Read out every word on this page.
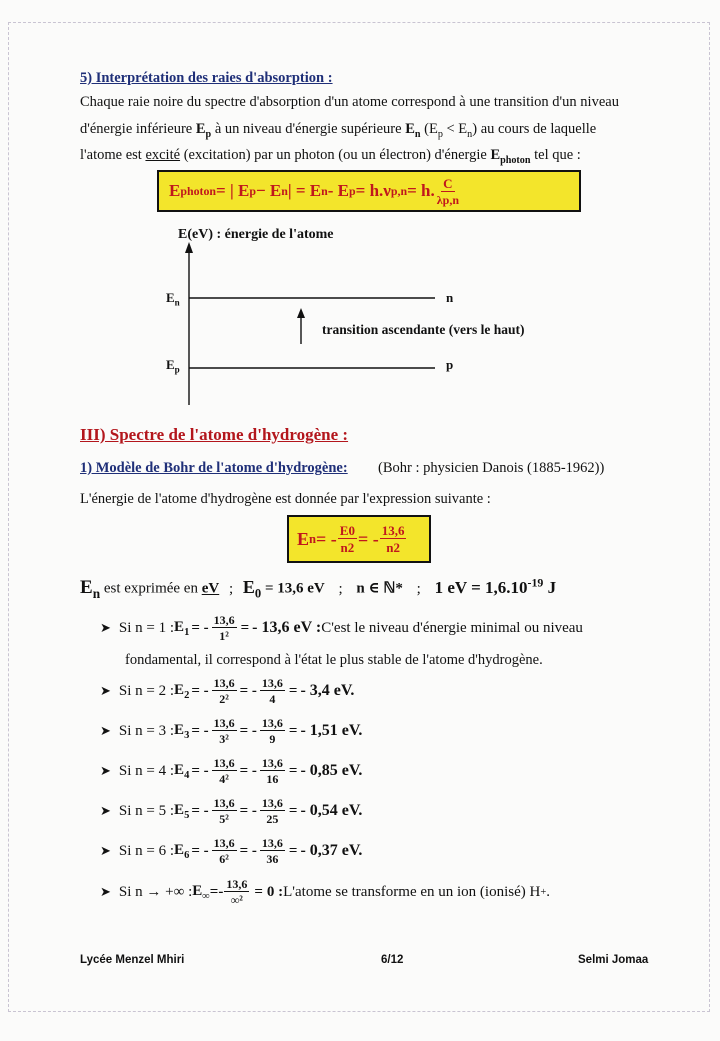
5) Interprétation des raies d'absorption :
Chaque raie noire du spectre d'absorption d'un atome correspond à une transition d'un niveau
d'énergie inférieure $E_p$ à un niveau d'énergie supérieure $E_n$ $(E_p < E_n)$ au cours de laquelle
l'atome est excité (excitation) par un photon (ou un électron) d'énergie $E_{photon}$ tel que :
E photon = | E p − E n | = E n - E p = h.ν p,n = h. $\frac{C}{\lambda p,n}$
E(eV) : énergie de l'atome
$E_n$
$E_p$
n
p
transition ascendante (vers le haut)
III) Spectre de l'atome d'hydrogène :
1) Modèle de Bohr de l'atome d'hydrogène: (Bohr : physicien Danois (1885-1962))
L'énergie de l'atome d'hydrogène est donnée par l'expression suivante :
E n = - $\frac{E0}{n2}$ = - $\frac{13,6}{n2}$
$E_n$ est exprimée en eV ; $E_0 = 13,6$ eV ; n ∈ ℕ* ; 1 eV = $1,6.10^{-19}$ J
➤ Si n = 1 : $E_1$ = - $\frac{13,6}{\text{1²}}$ = - 13,6 eV : C'est le niveau d'énergie minimal ou niveau
➤ Si n = 2 : $E_2$ = - $\frac{13,6}{\text{2²}}$ = - $\frac{13,6}{4}$ = - 3,4 eV.
➤ Si n = 3 : $E_3$ = - $\frac{13,6}{\text{3²}}$ = - $\frac{13,6}{9}$ = - 1,51 eV.
➤ Si n = 4 : $E_4$ = - $\frac{13,6}{\text{4²}}$ = - $\frac{13,6}{16}$ = - 0,85 eV.
➤ Si n = 5 : $E_5$ = - $\frac{13,6}{\text{5²}}$ = - $\frac{13,6}{25}$ = - 0,54 eV.
➤ Si n = 6 : $E_6$ = - $\frac{13,6}{\text{6²}}$ = - $\frac{13,6}{36}$ = - 0,37 eV.
fondamental, il correspond à l'état le plus stable de l'atome d'hydrogène.
➤ Si n → +∞ : $E_\infty =- \frac{13,6}{\text{∞²}} = 0$ : L'atome se transforme en un ion (ionisé) H + .
Lycée Menzel Mhiri	6/12	Selmi Jomaa
